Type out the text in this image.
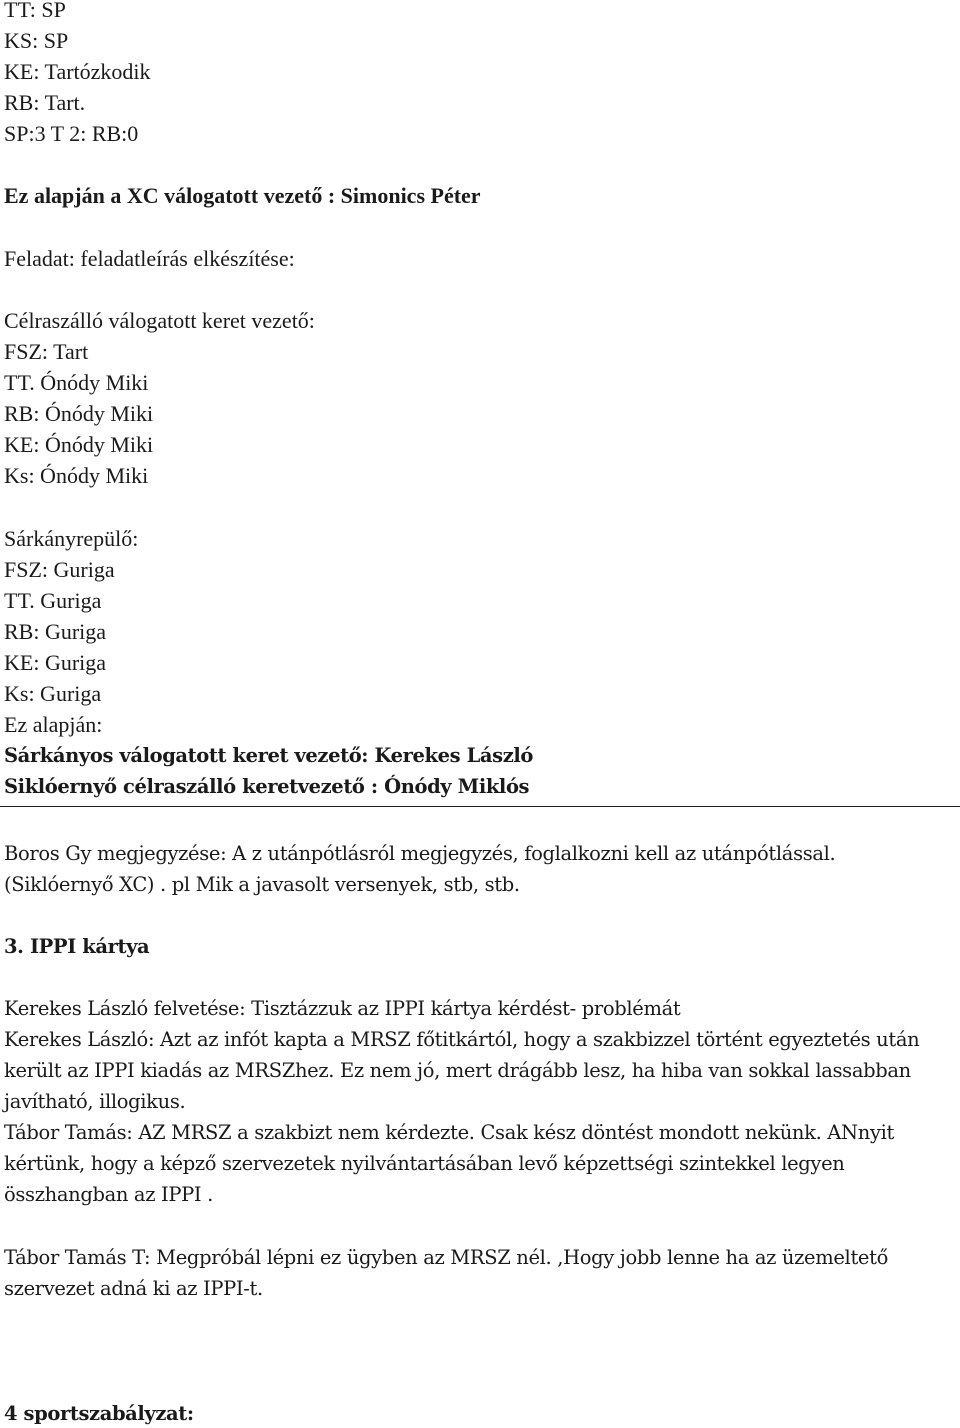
TT: SP
KS: SP
KE: Tartózkodik
RB: Tart.
SP:3 T 2: RB:0
Ez alapján a XC válogatott vezető : Simonics Péter
Feladat: feladatleírás elkészítése:
Célraszálló válogatott keret vezető:
FSZ: Tart
TT. Ónódy Miki
RB: Ónódy Miki
KE: Ónódy Miki
Ks: Ónódy Miki
Sárkányrepülő:
FSZ: Guriga
TT. Guriga
RB: Guriga
KE: Guriga
Ks: Guriga
Ez alapján:
Sárkányos válogatott keret vezető: Kerekes László
Siklóernyő célraszálló keretvezető : Ónódy Miklós
Boros Gy megjegyzése: A z utánpótlásról megjegyzés, foglalkozni kell az utánpótlással.
(Siklóernyő XC) . pl Mik a javasolt versenyek, stb, stb.
3. IPPI kártya
Kerekes László felvetése: Tisztázzuk az IPPI kártya kérdést- problémát
Kerekes László: Azt az infót kapta a MRSZ főtitkártól, hogy a szakbizzel történt egyeztetés után
került az IPPI kiadás az MRSZhez. Ez nem jó, mert drágább lesz, ha hiba van sokkal lassabban
javítható, illogikus.
Tábor Tamás: AZ MRSZ a szakbizt nem kérdezte. Csak kész döntést mondott nekünk. ANnyit
kértünk, hogy a képző szervezetek nyilvántartásában levő képzettségi szintekkel legyen
összhangban az IPPI .
Tábor Tamás T: Megpróbál lépni ez ügyben az MRSZ nél. ,Hogy jobb lenne ha az üzemeltető
szervezet adná ki az IPPI-t.
4 sportszabályzat:
